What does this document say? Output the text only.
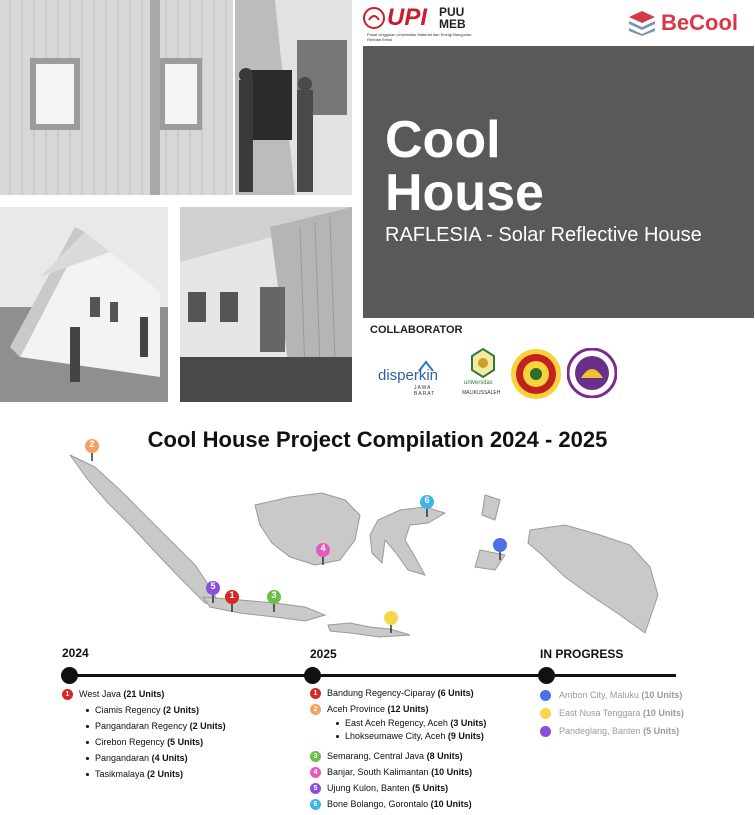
UPI PUU
MEB
Pusat Unggulan Universitas Material dan Energi Bangunan Rendah Emisi
BeCool
Cool
House
RAFLESIA - Solar Reflective House
COLLABORATOR
disperkin
JAWA BARAT
universitas
MALIKUSSALEH
Cool House Project Compilation 2024 - 2025
2
6
4
5
1	3
2024	2025	IN PROGRESS
1 West Java (21 Units)
Ciamis Regency (2 Units)
Pangandaran Regency (2 Units)
Cirebon Regency (5 Units)
Pangandaran (4 Units)
Tasikmalaya (2 Units)
1 Bandung Regency-Ciparay (6 Units)
2 Aceh Province (12 Units)
East Aceh Regency, Aceh (3 Units)
Lhokseumawe City, Aceh (9 Units)
3 Semarang, Central Java (8 Units)
4 Banjar, South Kalimantan (10 Units)
5 Ujung Kulon, Banten (5 Units)
6 Bone Bolango, Gorontalo (10 Units)
Ambon City, Maluku (10 Units)
East Nusa Tenggara (10 Units)
Pandeglang, Banten (5 Units)
